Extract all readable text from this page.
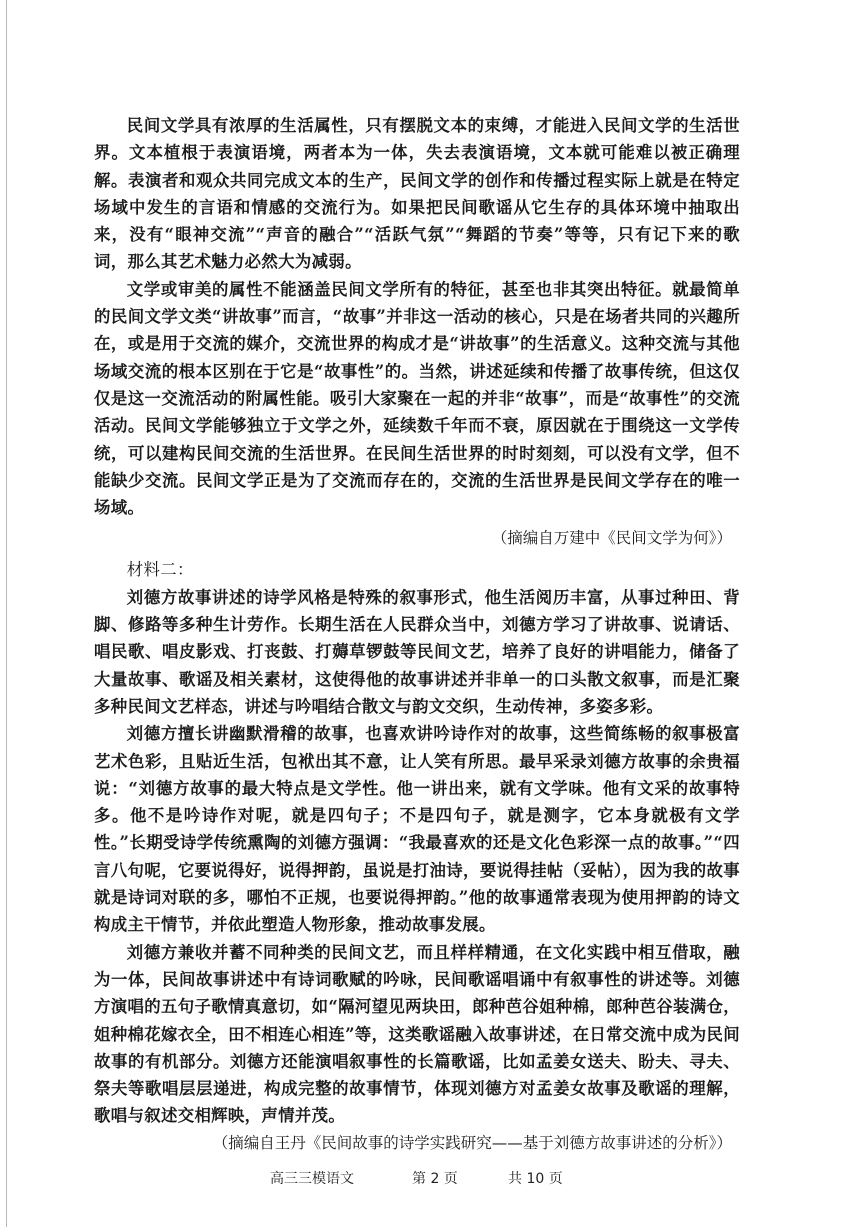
民间文学具有浓厚的生活属性，只有摆脱文本的束缚，才能进入民间文学的生活世界。文本植根于表演语境，两者本为一体，失去表演语境，文本就可能难以被正确理解。表演者和观众共同完成文本的生产，民间文学的创作和传播过程实际上就是在特定场域中发生的言语和情感的交流行为。如果把民间歌谣从它生存的具体环境中抽取出来，没有“眼神交流”“声音的融合”“活跃气氛”“舞蹈的节奏”等等，只有记下来的歌词，那么其艺术魅力必然大为减弱。

文学或审美的属性不能涵盖民间文学所有的特征，甚至也非其突出特征。就最简单的民间文学文类“讲故事”而言，“故事”并非这一活动的核心，只是在场者共同的兴趣所在，或是用于交流的媒介，交流世界的构成才是“讲故事”的生活意义。这种交流与其他场域交流的根本区别在于它是“故事性”的。当然，讲述延续和传播了故事传统，但这仅仅是这一交流活动的附属性能。吸引大家聚在一起的并非“故事”，而是“故事性”的交流活动。民间文学能够独立于文学之外，延续数千年而不衰，原因就在于围绕这一文学传统，可以建构民间交流的生活世界。在民间生活世界的时时刻刻，可以没有文学，但不能缺少交流。民间文学正是为了交流而存在的，交流的生活世界是民间文学存在的唯一场域。

（摘编自万建中《民间文学为何》）

材料二：

刘德方故事讲述的诗学风格是特殊的叙事形式，他生活阅历丰富，从事过种田、背脚、修路等多种生计劳作。长期生活在人民群众当中，刘德方学习了讲故事、说请话、唱民歌、唱皮影戏、打丧鼓、打薅草锣鼓等民间文艺，培养了良好的讲唱能力，储备了大量故事、歌谣及相关素材，这使得他的故事讲述并非单一的口头散文叙事，而是汇聚多种民间文艺样态，讲述与吟唱结合散文与韵文交织，生动传神，多姿多彩。

刘德方擅长讲幽默滑稽的故事，也喜欢讲吟诗作对的故事，这些简练畅的叙事极富艺术色彩，且贴近生活，包袱出其不意，让人笑有所思。最早采录刘德方故事的余贵福说：“刘德方故事的最大特点是文学性。他一讲出来，就有文学味。他有文采的故事特多。他不是吟诗作对呢，就是四句子；不是四句子，就是测字，它本身就极有文学性。”长期受诗学传统熏陶的刘德方强调：“我最喜欢的还是文化色彩深一点的故事。”“四言八句呢，它要说得好，说得押韵，虽说是打油诗，要说得挂帖（妥帖），因为我的故事就是诗词对联的多，哪怕不正规，也要说得押韵。”他的故事通常表现为使用押韵的诗文构成主干情节，并依此塑造人物形象，推动故事发展。

刘德方兼收并蓄不同种类的民间文艺，而且样样精通，在文化实践中相互借取，融为一体，民间故事讲述中有诗词歌赋的吟咏，民间歌谣唱诵中有叙事性的讲述等。刘德方演唱的五句子歌情真意切，如“隔河望见两块田，郎种芭谷姐种棉，郎种芭谷装满仓，姐种棉花嫁衣全，田不相连心相连”等，这类歌谣融入故事讲述，在日常交流中成为民间故事的有机部分。刘德方还能演唱叙事性的长篇歌谣，比如孟姜女送夫、盼夫、寻夫、祭夫等歌唱层层递进，构成完整的故事情节，体现刘德方对孟姜女故事及歌谣的理解，歌唱与叙述交相辉映，声情并茂。

（摘编自王丹《民间故事的诗学实践研究——基于刘德方故事讲述的分析》）
高三三模语文	第 2 页	共 10 页
